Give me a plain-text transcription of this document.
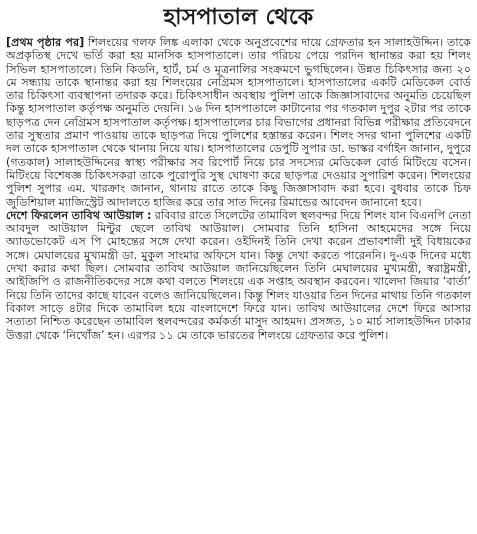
হাসপাতাল থেকে

[প্রথম পৃষ্ঠার পর] শিলংয়ের গলফ লিঙ্ক এলাকা থেকে অনুপ্রবেশের দায়ে গ্রেফতার হন সালাহউদ্দিন। তাকে অপ্রকৃতিস্থ দেখে ভর্তি করা হয় মানসিক হাসপাতালে। তার পরিচয় পেয়ে পরদিন স্থানান্তর করা হয় শিলং সিভিল হাসপাতালে। তিনি কিডনি, হার্ট, চর্ম ও মূত্রনালির সংক্রমণে ভুগছিলেন। উন্নত চিকিৎসার জন্য ২০ মে সন্ধ্যায় তাকে স্থানান্তর করা হয় শিলংয়ের নেগ্রিমস হাসপাতালে। হাসপাতালের একটি মেডিকেল বোর্ড তার চিকিৎসা ব্যবস্থাপনা তদারক করে। চিকিৎসাধীন অবস্থায় পুলিশ তাকে জিজ্ঞাসাবাদের অনুমতি চেয়েছিল কিন্তু হাসপাতাল কর্তৃপক্ষ অনুমতি দেয়নি। ১৬ দিন হাসপাতালে কাটানোর পর গতকাল দুপুর ২টার পর তাকে ছাড়পত্র দেন নেগ্রিমস হাসপাতাল কর্তৃপক্ষ। হাসপাতালের চার বিভাগের প্রধানরা বিভিন্ন পরীক্ষার প্রতিবেদনে তার সুস্থতার প্রমাণ পাওয়ায় তাকে ছাড়পত্র দিয়ে পুলিশের হস্তান্তর করেন। শিলং সদর থানা পুলিশের একটি দল তাকে হাসপাতাল থেকে থানায় নিয়ে যায়। হাসপাতালের ডেপুটি সুপার ডা. ভাস্কর বর্গাইন জানান, দুপুরে (গতকাল) সালাহউদ্দিনের স্বাস্থ্য পরীক্ষার সব রিপোর্ট নিয়ে চার সদস্যের মেডিকেল বোর্ড মিটিংয়ে বসেন। মিটিংয়ে বিশেষজ্ঞ চিকিৎসকরা তাকে পুরোপুরি সুস্থ ঘোষণা করে ছাড়পত্র দেওয়ার সুপারিশ করেন। শিলংয়ের পুলিশ সুপার এম. খারক্রাং জানান, থানায় রাতে তাকে কিছু জিজ্ঞাসাবাদ করা হবে। বুধবার তাকে চিফ জুডিশিয়াল ম্যাজিস্ট্রেট আদালতে হাজির করে তার সাত দিনের রিমান্ডের আবেদন জানানো হবে।

দেশে ফিরলেন তাবিথ আউয়াল : রবিবার রাতে সিলেটের তামাবিল স্থলবন্দর দিয়ে শিলং যান বিএনপি নেতা আবদুল আউয়াল মিন্টুর ছেলে তাবিথ আউয়াল। সোমবার তিনি হাসিনা আহমেদের সঙ্গে নিয়ে অ্যাডভোকেট এস পি মোহন্তের সঙ্গে দেখা করেন। ওইদিনই তিনি দেখা করেন প্রভাবশালী দুই বিধায়কের সঙ্গে। মেঘালয়ের মুখ্যমন্ত্রী ডা. মুকুল সাংমার অফিসে যান। কিন্তু দেখা করতে পারেননি। দু-এক দিনের মধ্যে দেখা করার কথা ছিল। সোমবার তাবিথ আউয়াল জানিয়েছিলেন তিনি মেঘালয়ের মুখ্যমন্ত্রী, স্বরাষ্ট্রমন্ত্রী, আইজিপি ও রাজনীতিকদের সঙ্গে কথা বলতে শিলংয়ে এক সপ্তাহ অবস্থান করবেন। খালেদা জিয়ার ‘বার্তা’ নিয়ে তিনি তাদের কাছে যাবেন বলেও জানিয়েছিলেন। কিন্তু শিলং যাওয়ার তিন দিনের মাথায় তিনি গতকাল বিকাল সাড়ে ৪টার দিকে তামাবিল হয়ে বাংলাদেশে ফিরে যান। তাবিথ আউয়ালের দেশে ফিরে আসার সত্যতা নিশ্চিত করেছেন তামাবিল স্থলবন্দরের কর্মকর্তা মাসুদ আহমদ। প্রসঙ্গত, ১০ মার্চ সালাহউদ্দিন ঢাকার উত্তরা থেকে ‘নিখোঁজ’ হন। এরপর ১১ মে তাকে ভারতের শিলংয়ে গ্রেফতার করে পুলিশ।
